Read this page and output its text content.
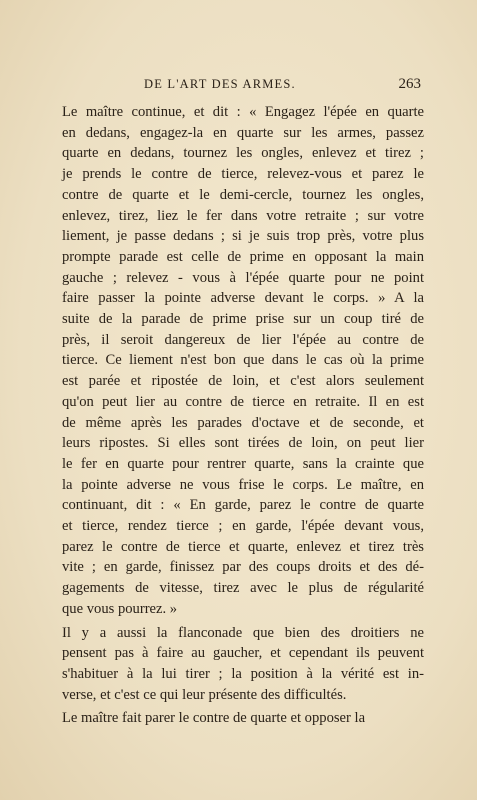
DE L'ART DES ARMES.	263
Le maître continue, et dit : « Engagez l'épée en quarte
en dedans, engagez-la en quarte sur les armes, passez
quarte en dedans, tournez les ongles, enlevez et tirez ;
je prends le contre de tierce, relevez-vous et parez le
contre de quarte et le demi-cercle, tournez les ongles,
enlevez, tirez, liez le fer dans votre retraite ; sur votre
liement, je passe dedans ; si je suis trop près, votre plus
prompte parade est celle de prime en opposant la main
gauche ; relevez - vous à l'épée quarte pour ne point
faire passer la pointe adverse devant le corps. » A la
suite de la parade de prime prise sur un coup tiré de
près, il seroit dangereux de lier l'épée au contre de
tierce. Ce liement n'est bon que dans le cas où la prime
est parée et ripostée de loin, et c'est alors seulement
qu'on peut lier au contre de tierce en retraite. Il en est
de même après les parades d'octave et de seconde, et
leurs ripostes. Si elles sont tirées de loin, on peut lier
le fer en quarte pour rentrer quarte, sans la crainte que
la pointe adverse ne vous frise le corps. Le maître, en
continuant, dit : « En garde, parez le contre de quarte
et tierce, rendez tierce ; en garde, l'épée devant vous,
parez le contre de tierce et quarte, enlevez et tirez très
vite ; en garde, finissez par des coups droits et des dé-
gagements de vitesse, tirez avec le plus de régularité
que vous pourrez. »
Il y a aussi la flanconade que bien des droitiers ne
pensent pas à faire au gaucher, et cependant ils peuvent
s'habituer à la lui tirer ; la position à la vérité est in-
verse, et c'est ce qui leur présente des difficultés.
Le maître fait parer le contre de quarte et opposer la
